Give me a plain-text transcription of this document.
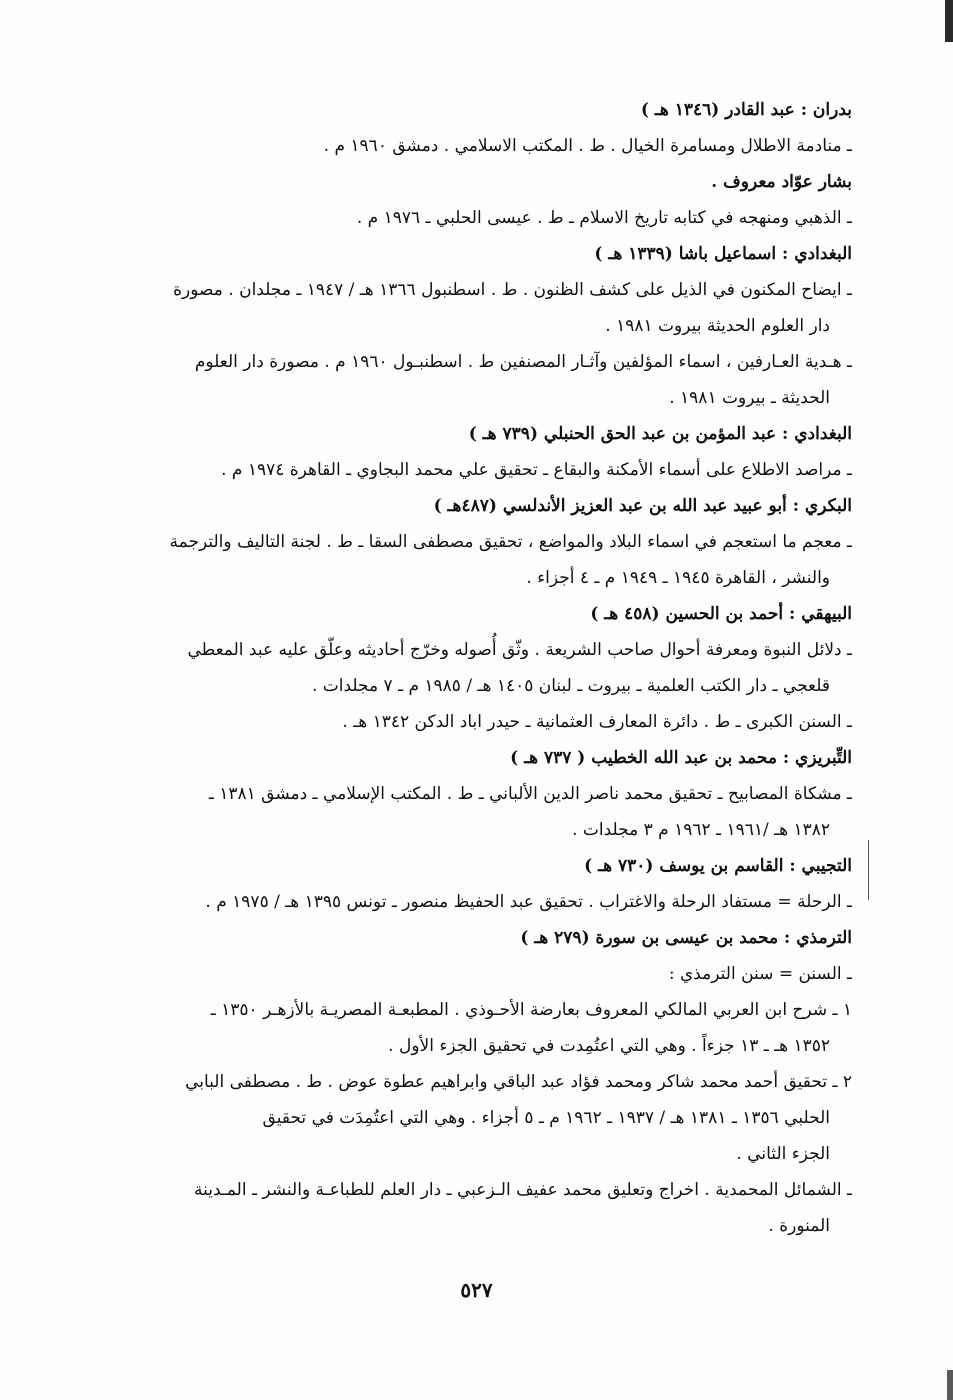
بدران : عبد القادر (١٣٤٦ هـ )
ـ منادمة الاطلال ومسامرة الخيال . ط . المكتب الاسلامي . دمشق ١٩٦٠ م .
بشار عوّاد معروف .
ـ الذهبي ومنهجه في كتابه تاريخ الاسلام ـ ط . عيسى الحلبي ـ ١٩٧٦ م .
البغدادي : اسماعيل باشا (١٣٣٩ هـ )
ـ ايضاح المكنون في الذيل على كشف الظنون . ط . اسطنبول ١٣٦٦ هـ / ١٩٤٧ ـ مجلدان . مصورة
دار العلوم الحديثة بيروت ١٩٨١ .
ـ هـدية العـارفين ، اسماء المؤلفين وآثـار المصنفين ط . اسطنبـول ١٩٦٠ م . مصورة دار العلوم
الحديثة ـ بيروت ١٩٨١ .
البغدادي : عبد المؤمن بن عبد الحق الحنبلي (٧٣٩ هـ )
ـ مراصد الاطلاع على أسماء الأمكنة والبقاع ـ تحقيق علي محمد البجاوي ـ القاهرة ١٩٧٤ م .
البكري : أبو عبيد عبد الله بن عبد العزيز الأندلسي (٤٨٧هـ )
ـ معجم ما استعجم في اسماء البلاد والمواضع ، تحقيق مصطفى السقا ـ ط . لجنة التاليف والترجمة
والنشر ، القاهرة ١٩٤٥ ـ ١٩٤٩ م ـ ٤ أجزاء .
البيهقي : أحمد بن الحسين (٤٥٨ هـ )
ـ دلائل النبوة ومعرفة أحوال صاحب الشريعة . وثّق أُصوله وخرّج أحاديثه وعلّق عليه عبد المعطي
قلعجي ـ دار الكتب العلمية ـ بيروت ـ لبنان ١٤٠٥ هـ / ١٩٨٥ م ـ ٧ مجلدات .
ـ السنن الكبرى ـ ط . دائرة المعارف العثمانية ـ حيدر اباد الدكن ١٣٤٢ هـ .
التِّبريزي : محمد بن عبد الله الخطيب ( ٧٣٧ هـ )
ـ مشكاة المصابيح ـ تحقيق محمد ناصر الدين الألباني ـ ط . المكتب الإسلامي ـ دمشق ١٣٨١ ـ
١٣٨٢ هـ /١٩٦١ ـ ١٩٦٢ م ٣ مجلدات .
التجيبي : القاسم بن يوسف (٧٣٠ هـ )
ـ الرحلة = مستفاد الرحلة والاغتراب . تحقيق عبد الحفيظ منصور ـ تونس ١٣٩٥ هـ / ١٩٧٥ م .
الترمذي : محمد بن عيسى بن سورة (٢٧٩ هـ )
ـ السنن = سنن الترمذي :
١ ـ شرح ابن العربي المالكي المعروف بعارضة الأحـوذي . المطبعـة المصريـة بالأزهـر ١٣٥٠ ـ
١٣٥٢ هـ ـ ١٣ جزءاً . وهي التي اعتُمِدت في تحقيق الجزء الأول .
٢ ـ تحقيق أحمد محمد شاكر ومحمد فؤاد عبد الباقي وابراهيم عطوة عوض . ط . مصطفى البابي
الحلبي ١٣٥٦ ـ ١٣٨١ هـ / ١٩٣٧ ـ ١٩٦٢ م ـ ٥ أجزاء . وهي التي اعتُمِدَت في تحقيق
الجزء الثاني .
ـ الشمائل المحمدية . اخراج وتعليق محمد عفيف الـزعبي ـ دار العلم للطباعـة والنشر ـ المـدينة
المنورة .
٥٢٧
